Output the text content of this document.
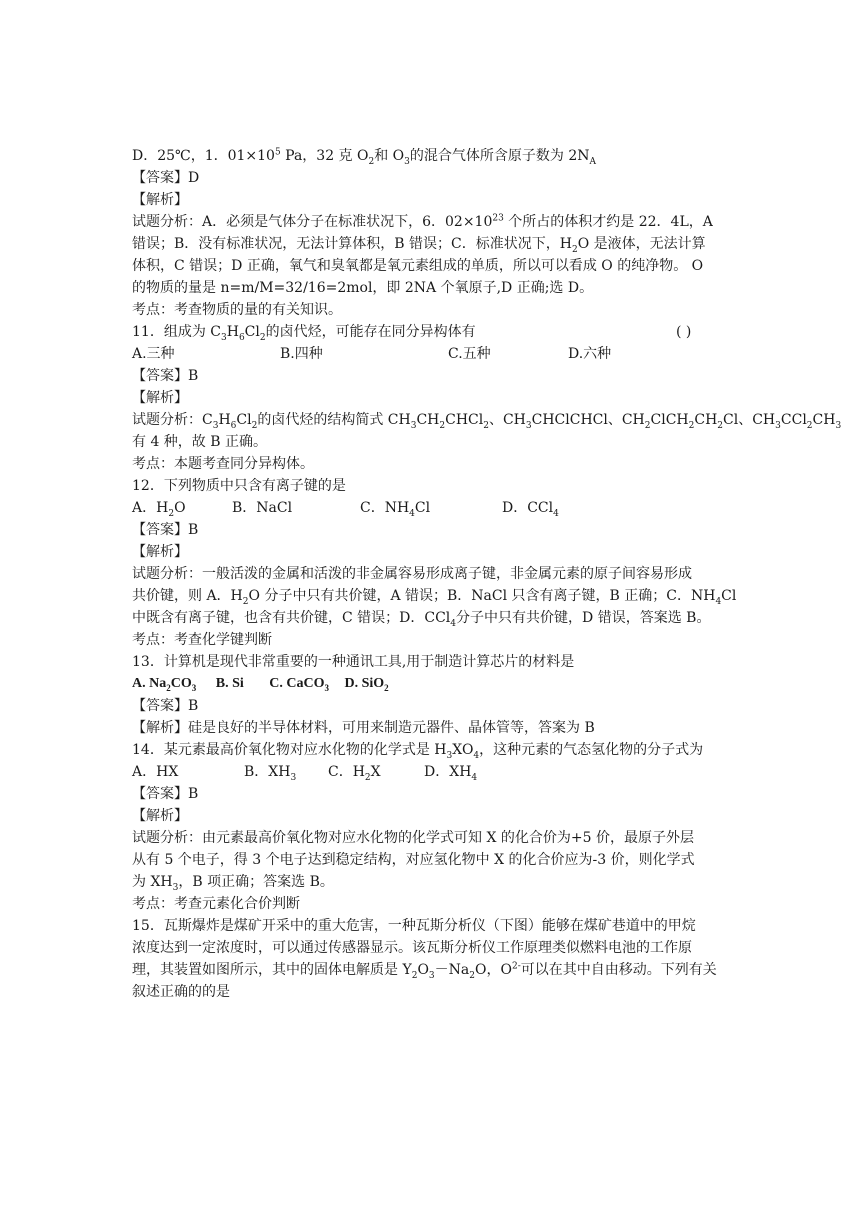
D．25℃，1．$01\times 10^5$ Pa，32 克 $O_2$和 $O_3$的混合气体所含原子数为 $2N_A$
【答案】D
【解析】
试题分析：A．必须是气体分子在标准状况下，6．$02\times 10^{23}$ 个所占的体积才约是 22．4L，A
错误；B．没有标准状况，无法计算体积，B 错误；C．标准状况下，$H_2O$ 是液体，无法计算
体积，C 错误；D 正确，氧气和臭氧都是氧元素组成的单质，所以可以看成 O 的纯净物。 O
的物质的量是 n=m/M=32/16=2mol，即 2NA 个氧原子,D 正确;选 D。
考点：考查物质的量的有关知识。
11．组成为 $C_3H_6Cl_2$的卤代烃，可能存在同分异构体有	( )
A.三种	B.四种	C.五种	D.六种
【答案】B
【解析】
试题分析：$C_3H_6Cl_2$的卤代烃的结构简式 $CH_3CH_2CHCl_2$、$CH_3CHClCHCl$、$CH_2ClCH_2CH_2Cl$、$CH_3CCl_2CH_3$
有 4 种，故 B 正确。
考点：本题考查同分异构体。
12．下列物质中只含有离子键的是
A．$H_2O$	B．NaCl	C．$NH_4Cl$	D．CCl$_4$
【答案】B
【解析】
试题分析：一般活泼的金属和活泼的非金属容易形成离子键，非金属元素的原子间容易形成
共价键，则 A．$H_2O$ 分子中只有共价键，A 错误；B．NaCl 只含有离子键，B 正确；C．$NH_4Cl$
中既含有离子键，也含有共价键，C 错误；D．CCl$_4$分子中只有共价键，D 错误，答案选 B。
考点：考查化学键判断
13．计算机是现代非常重要的一种通讯工具,用于制造计算芯片的材料是
A. $Na_2CO_3$ B. Si C. CaCO$_3$ D. SiO$_2$
【答案】B
【解析】硅是良好的半导体材料，可用来制造元器件、晶体管等，答案为 B
14．某元素最高价氧化物对应水化物的化学式是 $H_3XO_4$，这种元素的气态氢化物的分子式为
A．HX	B．$XH_3$	C．$H_2X$	D．$XH_4$
【答案】B
【解析】
试题分析：由元素最高价氧化物对应水化物的化学式可知 X 的化合价为+5 价，最原子外层
从有 5 个电子，得 3 个电子达到稳定结构，对应氢化物中 X 的化合价应为-3 价，则化学式
为 $XH_3$，B 项正确；答案选 B。
考点：考查元素化合价判断
15．瓦斯爆炸是煤矿开采中的重大危害，一种瓦斯分析仪（下图）能够在煤矿巷道中的甲烷
浓度达到一定浓度时，可以通过传感器显示。该瓦斯分析仪工作原理类似燃料电池的工作原
理，其装置如图所示，其中的固体电解质是 $Y_2O_3-Na_2O$，$O^{2-}$可以在其中自由移动。下列有关
叙述正确的的是
